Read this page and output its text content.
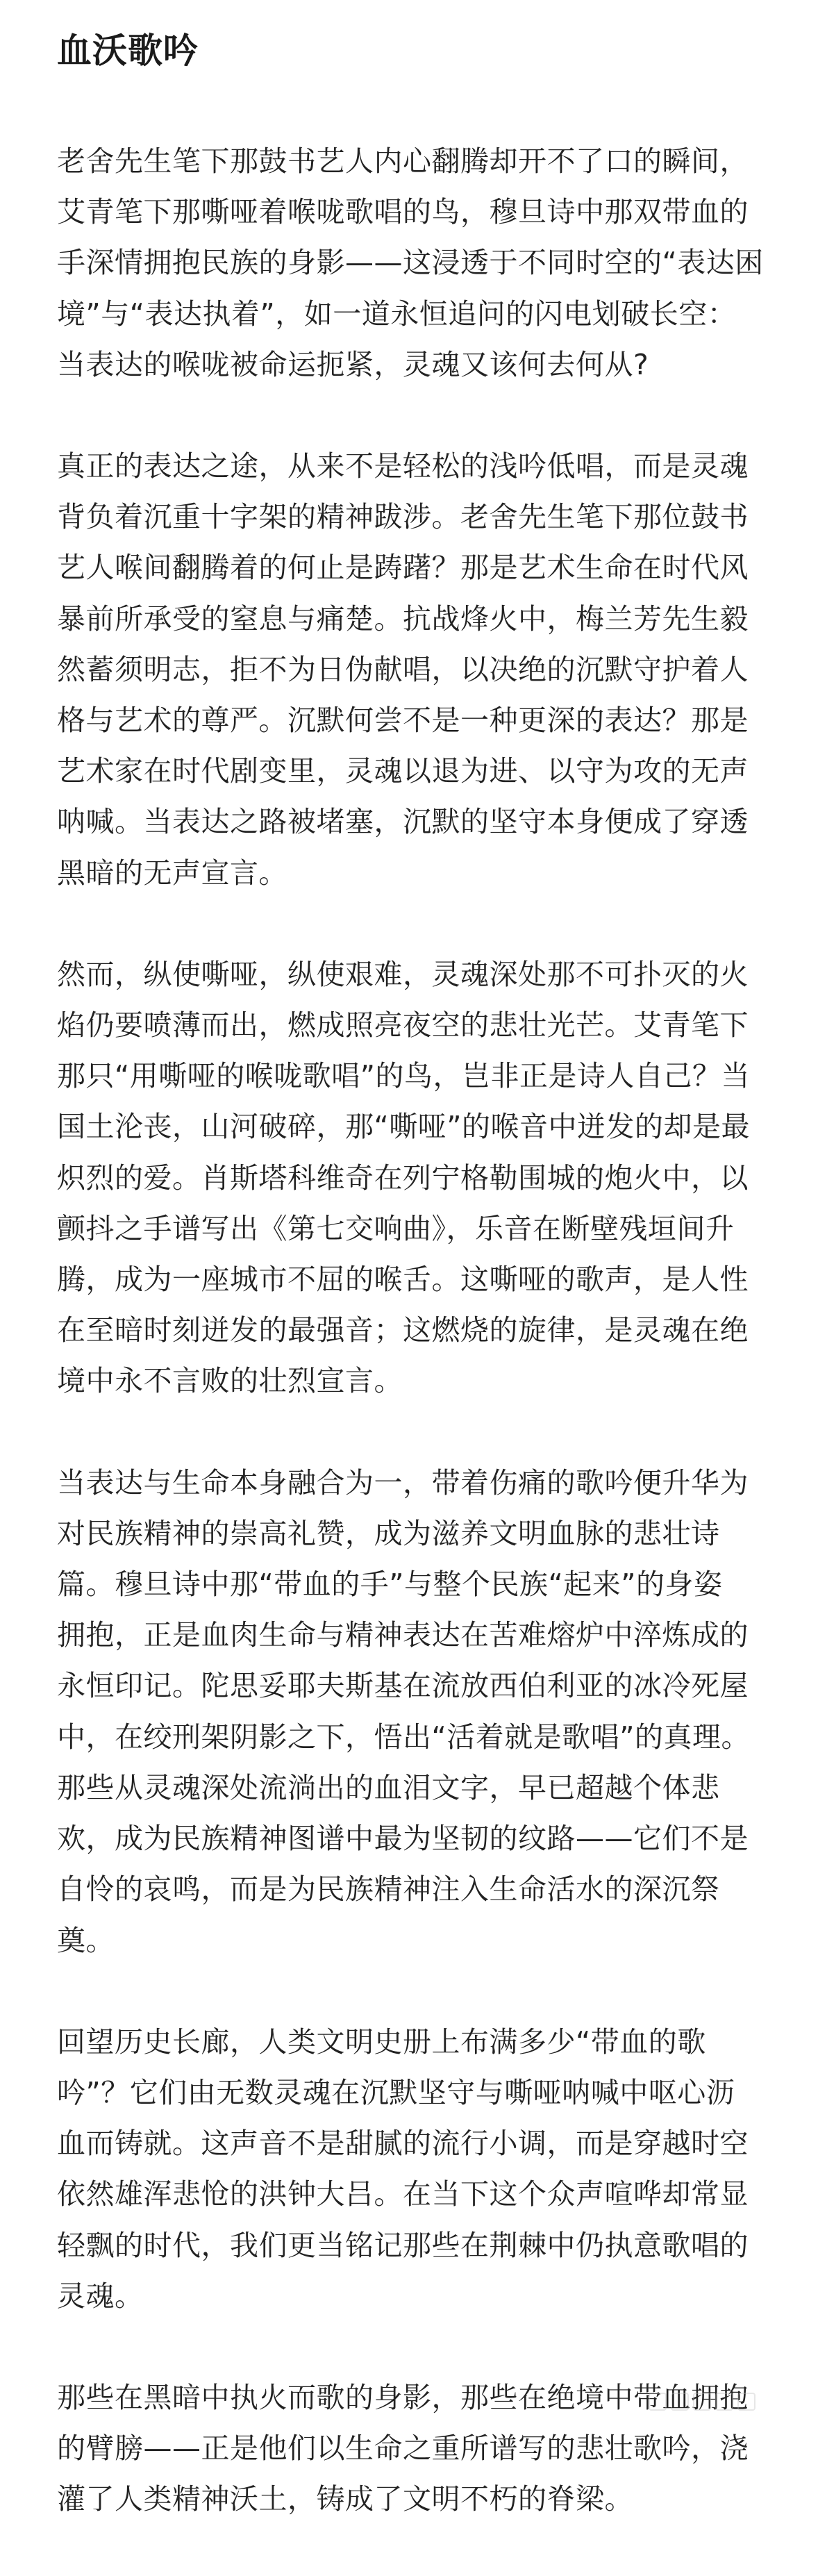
血沃歌吟

老舍先生笔下那鼓书艺人内心翻腾却开不了口的瞬间，
艾青笔下那嘶哑着喉咙歌唱的鸟，穆旦诗中那双带血的
手深情拥抱民族的身影——这浸透于不同时空的“表达困
境”与“表达执着”，如一道永恒追问的闪电划破长空：
当表达的喉咙被命运扼紧，灵魂又该何去何从?

真正的表达之途，从来不是轻松的浅吟低唱，而是灵魂
背负着沉重十字架的精神跋涉。老舍先生笔下那位鼓书
艺人喉间翻腾着的何止是踌躇？那是艺术生命在时代风
暴前所承受的窒息与痛楚。抗战烽火中，梅兰芳先生毅
然蓄须明志，拒不为日伪献唱，以决绝的沉默守护着人
格与艺术的尊严。沉默何尝不是一种更深的表达？那是
艺术家在时代剧变里，灵魂以退为进、以守为攻的无声
呐喊。当表达之路被堵塞，沉默的坚守本身便成了穿透
黑暗的无声宣言。

然而，纵使嘶哑，纵使艰难，灵魂深处那不可扑灭的火
焰仍要喷薄而出，燃成照亮夜空的悲壮光芒。艾青笔下
那只“用嘶哑的喉咙歌唱”的鸟，岂非正是诗人自己？当
国土沦丧，山河破碎，那“嘶哑”的喉音中迸发的却是最
炽烈的爱。肖斯塔科维奇在列宁格勒围城的炮火中，以
颤抖之手谱写出《第七交响曲》，乐音在断壁残垣间升
腾，成为一座城市不屈的喉舌。这嘶哑的歌声，是人性
在至暗时刻迸发的最强音；这燃烧的旋律，是灵魂在绝
境中永不言败的壮烈宣言。

当表达与生命本身融合为一，带着伤痛的歌吟便升华为
对民族精神的崇高礼赞，成为滋养文明血脉的悲壮诗
篇。穆旦诗中那“带血的手”与整个民族“起来”的身姿
拥抱，正是血肉生命与精神表达在苦难熔炉中淬炼成的
永恒印记。陀思妥耶夫斯基在流放西伯利亚的冰冷死屋
中，在绞刑架阴影之下，悟出“活着就是歌唱”的真理。
那些从灵魂深处流淌出的血泪文字，早已超越个体悲
欢，成为民族精神图谱中最为坚韧的纹路——它们不是
自怜的哀鸣，而是为民族精神注入生命活水的深沉祭
奠。

回望历史长廊，人类文明史册上布满多少“带血的歌
吟”？它们由无数灵魂在沉默坚守与嘶哑呐喊中呕心沥
血而铸就。这声音不是甜腻的流行小调，而是穿越时空
依然雄浑悲怆的洪钟大吕。在当下这个众声喧哗却常显
轻飘的时代，我们更当铭记那些在荆棘中仍执意歌唱的
灵魂。

那些在黑暗中执火而歌的身影，那些在绝境中带血拥抱
的臂膀——正是他们以生命之重所谱写的悲壮歌吟，浇
灌了人类精神沃土，铸成了文明不朽的脊梁。
